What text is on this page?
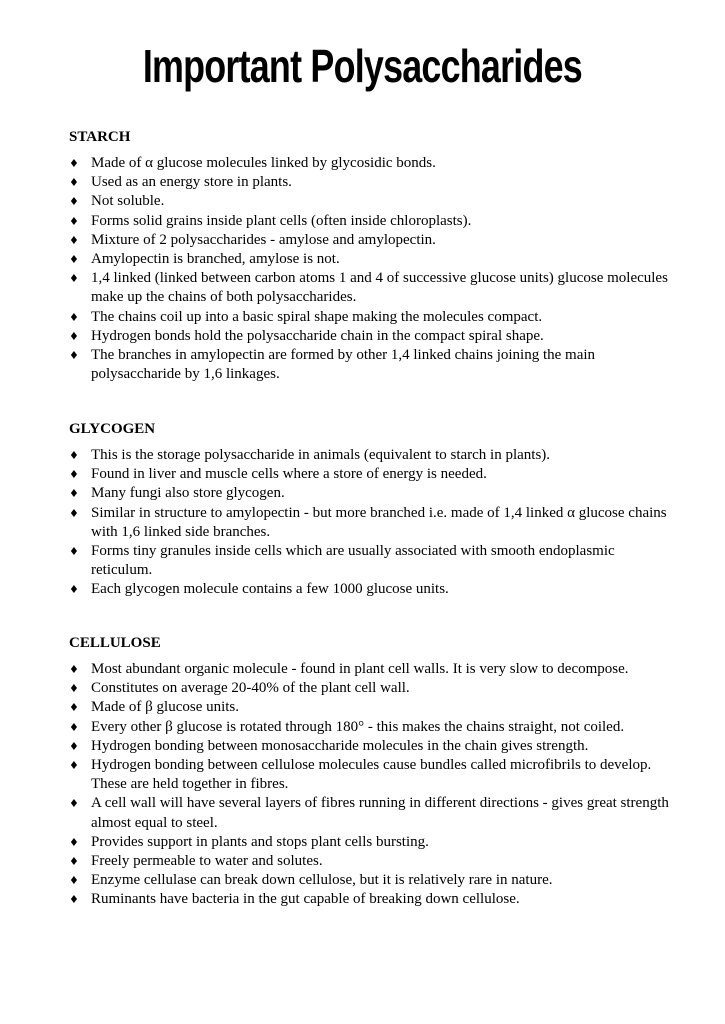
Important Polysaccharides
STARCH
♦ Made of α glucose molecules linked by glycosidic bonds.
♦ Used as an energy store in plants.
♦ Not soluble.
♦ Forms solid grains inside plant cells (often inside chloroplasts).
♦ Mixture of 2 polysaccharides - amylose and amylopectin.
♦ Amylopectin is branched, amylose is not.
♦ 1,4 linked (linked between carbon atoms 1 and 4 of successive glucose units) glucose molecules make up the chains of both polysaccharides.
♦ The chains coil up into a basic spiral shape making the molecules compact.
♦ Hydrogen bonds hold the polysaccharide chain in the compact spiral shape.
♦ The branches in amylopectin are formed by other 1,4 linked chains joining the main polysaccharide by 1,6 linkages.
GLYCOGEN
♦ This is the storage polysaccharide in animals (equivalent to starch in plants).
♦ Found in liver and muscle cells where a store of energy is needed.
♦ Many fungi also store glycogen.
♦ Similar in structure to amylopectin - but more branched i.e. made of 1,4 linked α glucose chains with 1,6 linked side branches.
♦ Forms tiny granules inside cells which are usually associated with smooth endoplasmic reticulum.
♦ Each glycogen molecule contains a few 1000 glucose units.
CELLULOSE
♦ Most abundant organic molecule - found in plant cell walls. It is very slow to decompose.
♦ Constitutes on average 20-40% of the plant cell wall.
♦ Made of β glucose units.
♦ Every other β glucose is rotated through 180° - this makes the chains straight, not coiled.
♦ Hydrogen bonding between monosaccharide molecules in the chain gives strength.
♦ Hydrogen bonding between cellulose molecules cause bundles called microfibrils to develop. These are held together in fibres.
♦ A cell wall will have several layers of fibres running in different directions - gives great strength almost equal to steel.
♦ Provides support in plants and stops plant cells bursting.
♦ Freely permeable to water and solutes.
♦ Enzyme cellulase can break down cellulose, but it is relatively rare in nature.
♦ Ruminants have bacteria in the gut capable of breaking down cellulose.
